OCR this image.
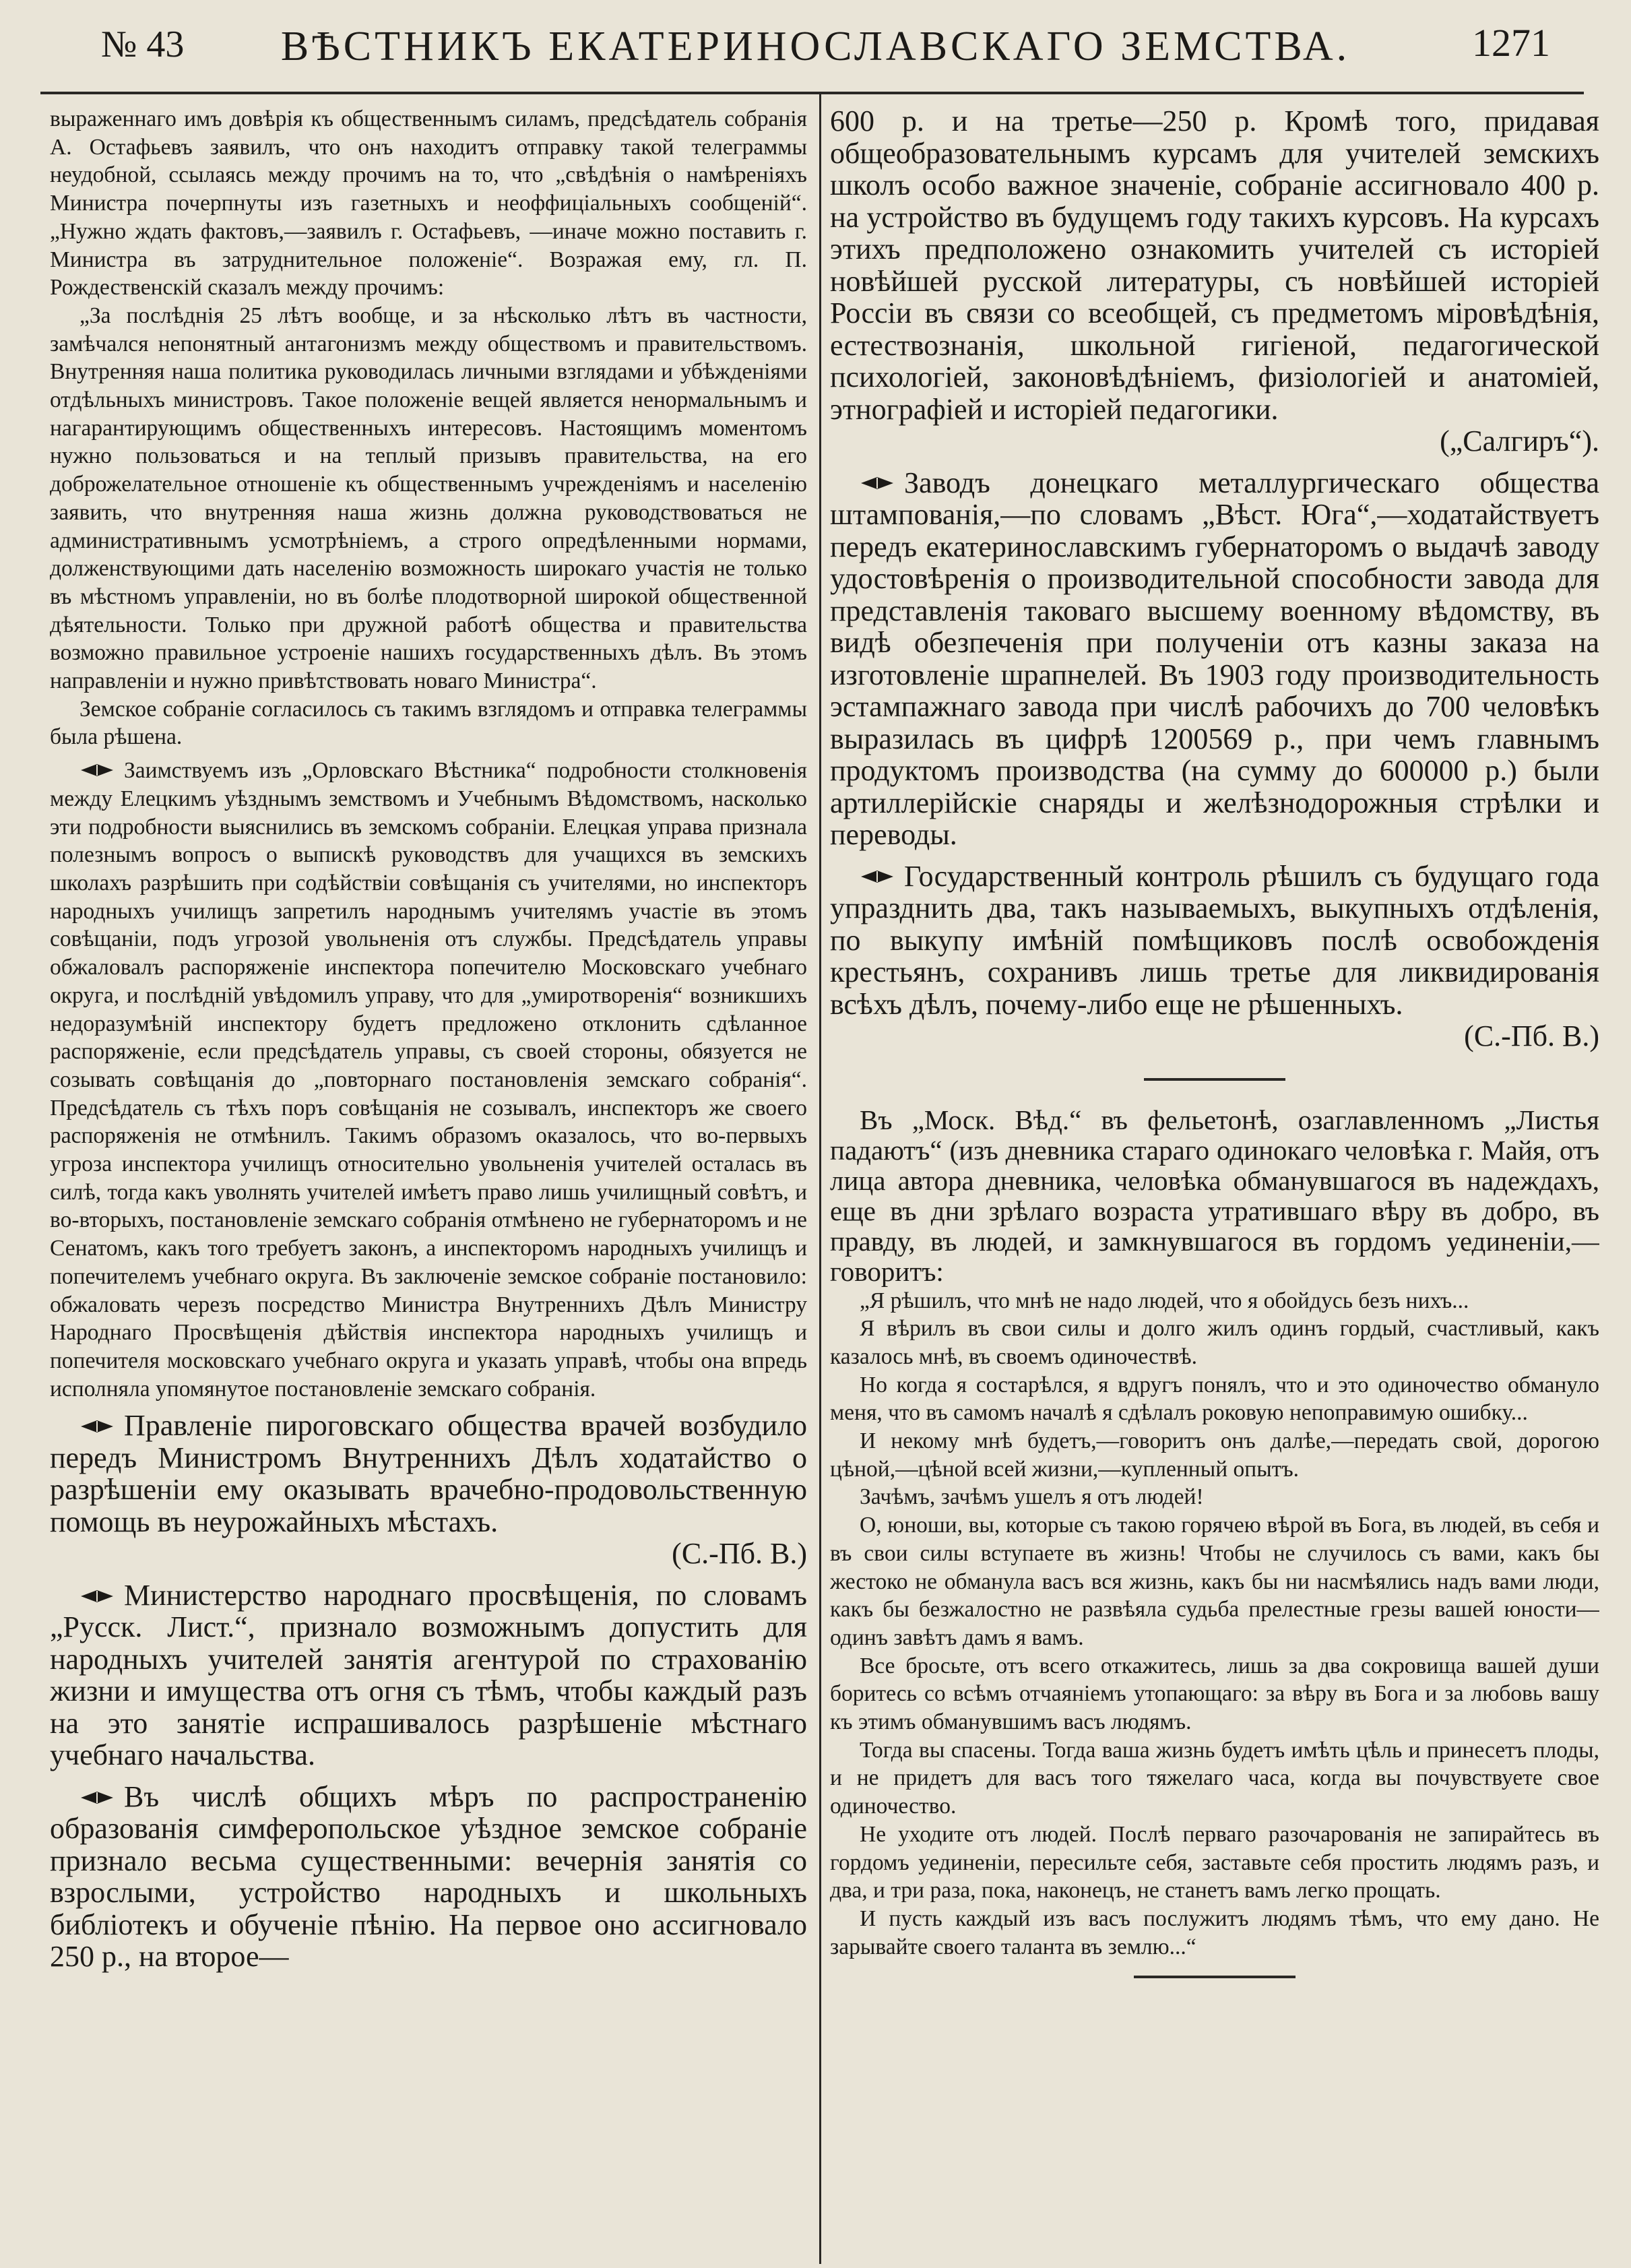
№ 43	ВѢСТНИКЪ ЕКАТЕРИНОСЛАВСКАГО ЗЕМСТВА.	1271

выраженнаго имъ довѣрія къ общественнымъ силамъ, предсѣдатель собранія А. Остафьевъ заявилъ, что онъ находитъ отправку такой телеграммы неудобной, ссылаясь между прочимъ на то, что „свѣдѣнія о намѣреніяхъ Министра почерпнуты изъ газетныхъ и неоффиціальныхъ сообщеній“. „Нужно ждать фактовъ,—заявилъ г. Остафьевъ, —иначе можно поставить г. Министра въ затруднительное положеніе“. Возражая ему, гл. П. Рождественскій сказалъ между прочимъ:

„За послѣднія 25 лѣтъ вообще, и за нѣсколько лѣтъ въ частности, замѣчался непонятный антагонизмъ между обществомъ и правительствомъ. Внутренняя наша политика руководилась личными взглядами и убѣжденіями отдѣльныхъ министровъ. Такое положеніе вещей является ненормальнымъ и нагарантирующимъ общественныхъ интересовъ. Настоящимъ моментомъ нужно пользоваться и на теплый призывъ правительства, на его доброжелательное отношеніе къ общественнымъ учрежденіямъ и населенію заявить, что внутренняя наша жизнь должна руководствоваться не административнымъ усмотрѣніемъ, а строго опредѣленными нормами, долженствующими дать населенію возможность широкаго участія не только въ мѣстномъ управленіи, но въ болѣе плодотворной широкой общественной дѣятельности. Только при дружной работѣ общества и правительства возможно правильное устроеніе нашихъ государственныхъ дѣлъ. Въ этомъ направленіи и нужно привѣтствовать новаго Министра“.

Земское собраніе согласилось съ такимъ взглядомъ и отправка телеграммы была рѣшена.

Заимствуемъ изъ „Орловскаго Вѣстника“ подробности столкновенія между Елецкимъ уѣзднымъ земствомъ и Учебнымъ Вѣдомствомъ, насколько эти подробности выяснились въ земскомъ собраніи. Елецкая управа признала полезнымъ вопросъ о выпискѣ руководствъ для учащихся въ земскихъ школахъ разрѣшить при содѣйствіи совѣщанія съ учителями, но инспекторъ народныхъ училищъ запретилъ народнымъ учителямъ участіе въ этомъ совѣщаніи, подъ угрозой увольненія отъ службы. Предсѣдатель управы обжаловалъ распоряженіе инспектора попечителю Московскаго учебнаго округа, и послѣдній увѣдомилъ управу, что для „умиротворенія“ возникшихъ недоразумѣній инспектору будетъ предложено отклонить сдѣланное распоряженіе, если предсѣдатель управы, съ своей стороны, обязуется не созывать совѣщанія до „повторнаго постановленія земскаго собранія“. Предсѣдатель съ тѣхъ поръ совѣщанія не созывалъ, инспекторъ же своего распоряженія не отмѣнилъ. Такимъ образомъ оказалось, что во-первыхъ угроза инспектора училищъ относительно увольненія учителей осталась въ силѣ, тогда какъ уволнять учителей имѣетъ право лишь училищный совѣтъ, и во-вторыхъ, постановленіе земскаго собранія отмѣнено не губернаторомъ и не Сенатомъ, какъ того требуетъ законъ, а инспекторомъ народныхъ училищъ и попечителемъ учебнаго округа. Въ заключеніе земское собраніе постановило: обжаловать черезъ посредство Министра Внутреннихъ Дѣлъ Министру Народнаго Просвѣщенія дѣйствія инспектора народныхъ училищъ и попечителя московскаго учебнаго округа и указать управѣ, чтобы она впредь исполняла упомянутое постановленіе земскаго собранія.

Правленіе пироговскаго общества врачей возбудило передъ Министромъ Внутреннихъ Дѣлъ ходатайство о разрѣшеніи ему оказывать врачебно-продовольственную помощь въ неурожайныхъ мѣстахъ.
(С.-Пб. В.)

Министерство народнаго просвѣщенія, по словамъ „Русск. Лист.“, признало возможнымъ допустить для народныхъ учителей занятія агентурой по страхованію жизни и имущества отъ огня съ тѣмъ, чтобы каждый разъ на это занятіе испрашивалось разрѣшеніе мѣстнаго учебнаго начальства.

Въ числѣ общихъ мѣръ по распространенію образованія симферопольское уѣздное земское собраніе признало весьма существенными: вечернія занятія со взрослыми, устройство народныхъ и школьныхъ библіотекъ и обученіе пѣнію. На первое оно ассигновало 250 р., на второе—

600 р. и на третье—250 р. Кромѣ того, придавая общеобразовательнымъ курсамъ для учителей земскихъ школъ особо важное значеніе, собраніе ассигновало 400 р. на устройство въ будущемъ году такихъ курсовъ. На курсахъ этихъ предположено ознакомить учителей съ исторіей новѣйшей русской литературы, съ новѣйшей исторіей Россіи въ связи со всеобщей, съ предметомъ міровѣдѣнія, естествознанія, школьной гигіеной, педагогической психологіей, законовѣдѣніемъ, физіологіей и анатоміей, этнографіей и исторіей педагогики.
(„Салгиръ“).

Заводъ донецкаго металлургическаго общества штампованія,—по словамъ „Вѣст. Юга“,—ходатайствуетъ передъ екатеринославскимъ губернаторомъ о выдачѣ заводу удостовѣренія о производительной способности завода для представленія таковаго высшему военному вѣдомству, въ видѣ обезпеченія при полученіи отъ казны заказа на изготовленіе шрапнелей. Въ 1903 году производительность эстампажнаго завода при числѣ рабочихъ до 700 человѣкъ выразилась въ цифрѣ 1200569 р., при чемъ главнымъ продуктомъ производства (на сумму до 600000 р.) были артиллерійскіе снаряды и желѣзнодорожныя стрѣлки и переводы.

Государственный контроль рѣшилъ съ будущаго года упразднить два, такъ называемыхъ, выкупныхъ отдѣленія, по выкупу имѣній помѣщиковъ послѣ освобожденія крестьянъ, сохранивъ лишь третье для ликвидированія всѣхъ дѣлъ, почему-либо еще не рѣшенныхъ.
(С.-Пб. В.)

Въ „Моск. Вѣд.“ въ фельетонѣ, озаглавленномъ „Листья падаютъ“ (изъ дневника стараго одинокаго человѣка г. Майя, отъ лица автора дневника, человѣка обманувшагося въ надеждахъ, еще въ дни зрѣлаго возраста утратившаго вѣру въ добро, въ правду, въ людей, и замкнувшагося въ гордомъ уединеніи,—говоритъ:

„Я рѣшилъ, что мнѣ не надо людей, что я обойдусь безъ нихъ...

Я вѣрилъ въ свои силы и долго жилъ одинъ гордый, счастливый, какъ казалось мнѣ, въ своемъ одиночествѣ.

Но когда я состарѣлся, я вдругъ понялъ, что и это одиночество обмануло меня, что въ самомъ началѣ я сдѣлалъ роковую непоправимую ошибку...

И некому мнѣ будетъ,—говоритъ онъ далѣе,—передать свой, дорогою цѣной,—цѣной всей жизни,—купленный опытъ.

Зачѣмъ, зачѣмъ ушелъ я отъ людей!

О, юноши, вы, которые съ такою горячею вѣрой въ Бога, въ людей, въ себя и въ свои силы вступаете въ жизнь! Чтобы не случилось съ вами, какъ бы жестоко не обманула васъ вся жизнь, какъ бы ни насмѣялись надъ вами люди, какъ бы безжалостно не развѣяла судьба прелестные грезы вашей юности—одинъ завѣтъ дамъ я вамъ.

Все бросьте, отъ всего откажитесь, лишь за два сокровища вашей души боритесь со всѣмъ отчаяніемъ утопающаго: за вѣру въ Бога и за любовь вашу къ этимъ обманувшимъ васъ людямъ.

Тогда вы спасены. Тогда ваша жизнь будетъ имѣть цѣль и принесетъ плоды, и не придетъ для васъ того тяжелаго часа, когда вы почувствуете свое одиночество.

Не уходите отъ людей. Послѣ перваго разочарованія не запирайтесь въ гордомъ уединеніи, пересильте себя, заставьте себя простить людямъ разъ, и два, и три раза, пока, наконецъ, не станетъ вамъ легко прощать.

И пусть каждый изъ васъ послужитъ людямъ тѣмъ, что ему дано. Не зарывайте своего таланта въ землю...“
